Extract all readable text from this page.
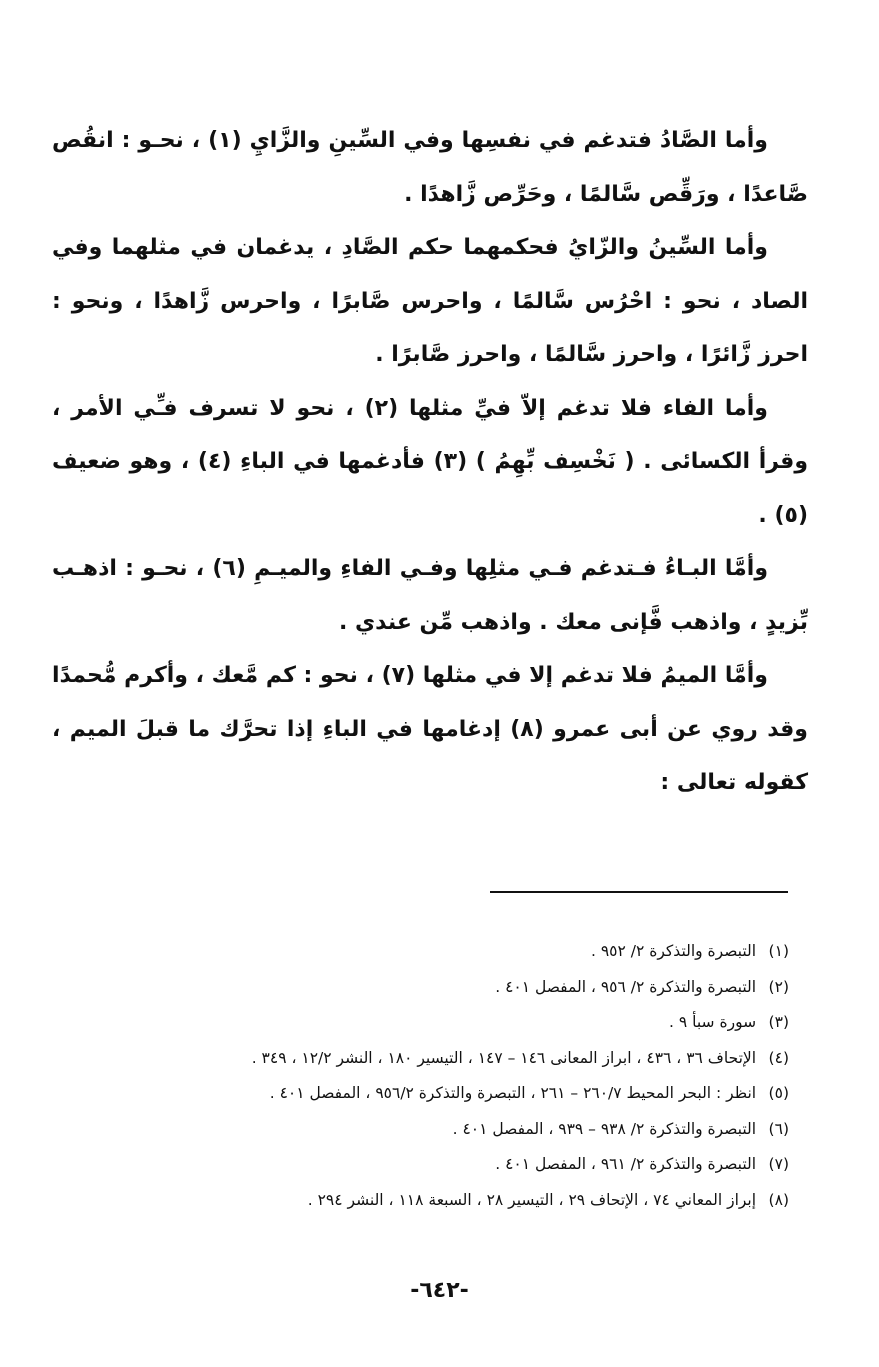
وأما الصَّادُ فتدغم في نفسِها وفي السِّينِ والزَّايِ (١) ، نحـو : انقُص صَّاعدًا ، ورَقِّص سَّالمًا ، وحَرِّص زَّاهدًا .

وأما السِّينُ والزّايُ فحكمهما حكم الصَّادِ ، يدغمان في مثلهما وفي الصاد ، نحو : احْرُس سَّالمًا ، واحرس صَّابرًا ، واحرس زَّاهدًا ، ونحو : احرز زَّائرًا ، واحرز سَّالمًا ، واحرز صَّابرًا .

وأما الفاء فلا تدغم إلاّ فيِّ مثلها (٢) ، نحو لا تسرف فـِّي الأمر ، وقرأ الكسائى . ( نَخْسِف بِّهِمُ ) (٣) فأدغمها في الباءِ (٤) ، وهو ضعيف (٥) .

وأمَّا البـاءُ فـتدغم فـي مثلِها وفـي الفاءِ والميـمِ (٦) ، نحـو : اذهـب بِّزيدٍ ، واذهب فَّإنى معك . واذهب مِّن عندي .

وأمَّا الميمُ فلا تدغم إلا في مثلها (٧) ، نحو : كم مَّعك ، وأكرم مُّحمدًا وقد روي عن أبى عمرو (٨) إدغامها في الباءِ إذا تحرَّك ما قبلَ الميم ، كقوله تعالى :

(١) التبصرة والتذكرة ٢/ ٩٥٢ .
(٢) التبصرة والتذكرة ٢/ ٩٥٦ ، المفصل ٤٠١ .
(٣) سورة سبأ ٩ .
(٤) الإتحاف ٣٦ ، ٤٣٦ ، ابراز المعانى ١٤٦ – ١٤٧ ، التيسير ١٨٠ ، النشر ١٢/٢ ، ٣٤٩ .
(٥) انظر : البحر المحيط ٢٦٠/٧ – ٢٦١ ، التبصرة والتذكرة ٩٥٦/٢ ، المفصل ٤٠١ .
(٦) التبصرة والتذكرة ٢/ ٩٣٨ – ٩٣٩ ، المفصل ٤٠١ .
(٧) التبصرة والتذكرة ٢/ ٩٦١ ، المفصل ٤٠١ .
(٨) إبراز المعاني ٧٤ ، الإتحاف ٢٩ ، التيسير ٢٨ ، السبعة ١١٨ ، النشر ٢٩٤ .
-٦٤٢-
